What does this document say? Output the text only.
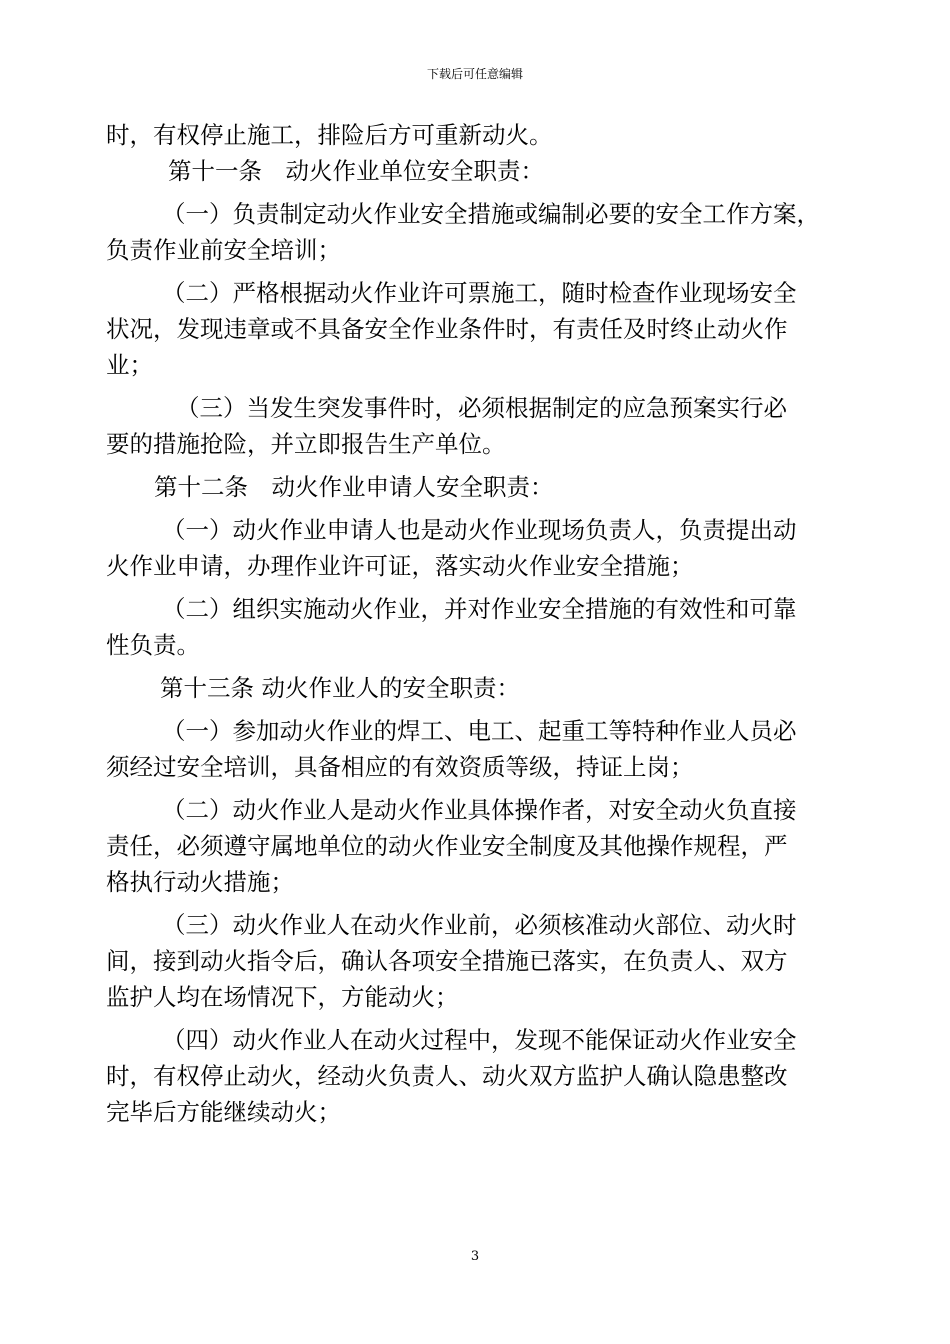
下载后可任意编辑
时，有权停止施工，排险后方可重新动火。
第十一条　动火作业单位安全职责：
（一）负责制定动火作业安全措施或编制必要的安全工作方案，
负责作业前安全培训；
（二）严格根据动火作业许可票施工，随时检查作业现场安全
状况，发现违章或不具备安全作业条件时，有责任及时终止动火作
业；
（三）当发生突发事件时，必须根据制定的应急预案实行必
要的措施抢险，并立即报告生产单位。
第十二条　动火作业申请人安全职责：
（一）动火作业申请人也是动火作业现场负责人，负责提出动
火作业申请，办理作业许可证，落实动火作业安全措施；
（二）组织实施动火作业，并对作业安全措施的有效性和可靠
性负责。
第十三条 动火作业人的安全职责：
（一）参加动火作业的焊工、电工、起重工等特种作业人员必
须经过安全培训，具备相应的有效资质等级，持证上岗；
（二）动火作业人是动火作业具体操作者，对安全动火负直接
责任，必须遵守属地单位的动火作业安全制度及其他操作规程，严
格执行动火措施；
（三）动火作业人在动火作业前，必须核准动火部位、动火时
间，接到动火指令后，确认各项安全措施已落实，在负责人、双方
监护人均在场情况下，方能动火；
（四）动火作业人在动火过程中，发现不能保证动火作业安全
时，有权停止动火，经动火负责人、动火双方监护人确认隐患整改
完毕后方能继续动火；
3
